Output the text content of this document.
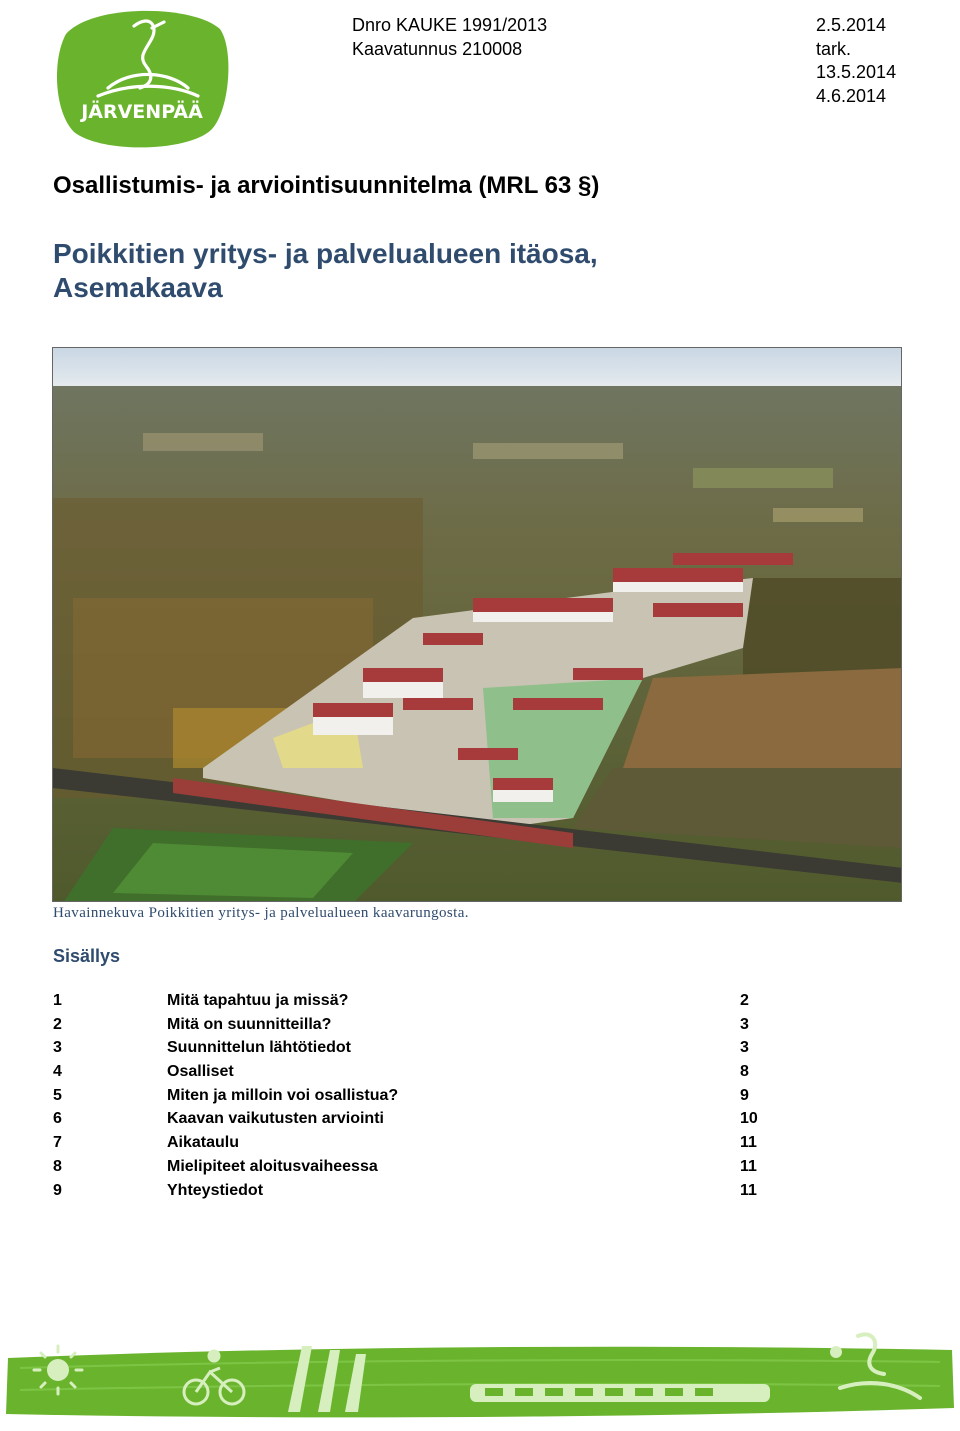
JÄRVENPÄÄ
Dnro KAUKE 1991/2013
Kaavatunnus 210008
2.5.2014
tark.
13.5.2014
4.6.2014
Osallistumis- ja arviointisuunnitelma (MRL 63 §)
Poikkitien yritys- ja palvelualueen itäosa,
Asemakaava
Havainnekuva Poikkitien yritys- ja palvelualueen kaavarungosta.
Sisällys
1	Mitä tapahtuu ja missä?	2
2	Mitä on suunnitteilla?	3
3	Suunnittelun lähtötiedot	3
4	Osalliset	8
5	Miten ja milloin voi osallistua?	9
6	Kaavan vaikutusten arviointi	10
7	Aikataulu	11
8	Mielipiteet aloitusvaiheessa	11
9	Yhteystiedot	11
